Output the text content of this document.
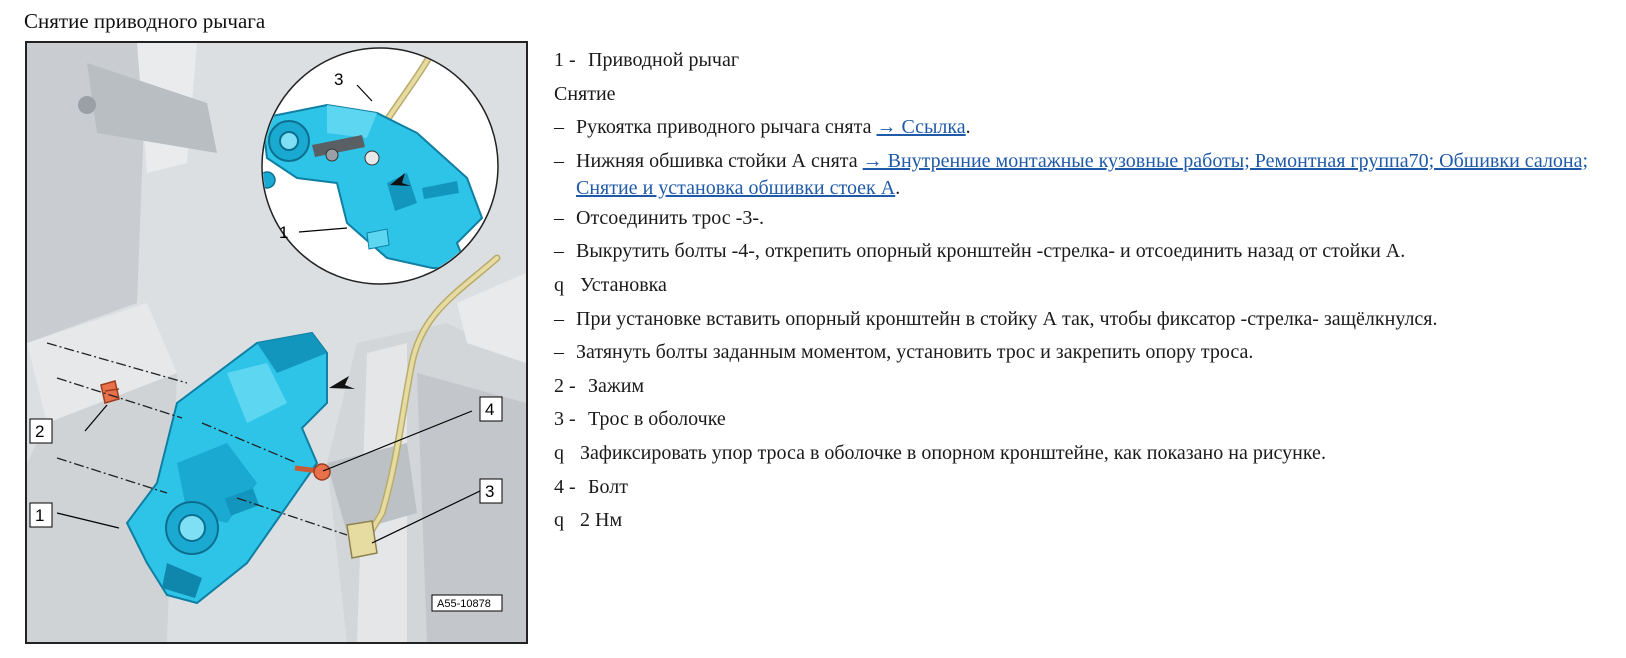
Снятие приводного рычага
2
1
4
3
3
1
A55-10878
1 - Приводной рычаг
Снятие
– Рукоятка приводного рычага снята → Ссылка.
– Нижняя обшивка стойки А снята → Внутренние монтажные кузовные работы; Ремонтная группа70; Обшивки салона; Снятие и установка обшивки стоек А.
– Отсоединить трос -3-.
– Выкрутить болты -4-, открепить опорный кронштейн -стрелка- и отсоединить назад от стойки А.
q Установка
– При установке вставить опорный кронштейн в стойку А так, чтобы фиксатор -стрелка- защёлкнулся.
– Затянуть болты заданным моментом, установить трос и закрепить опору троса.
2 - Зажим
3 - Трос в оболочке
q Зафиксировать упор троса в оболочке в опорном кронштейне, как показано на рисунке.
4 - Болт
q 2 Нм
